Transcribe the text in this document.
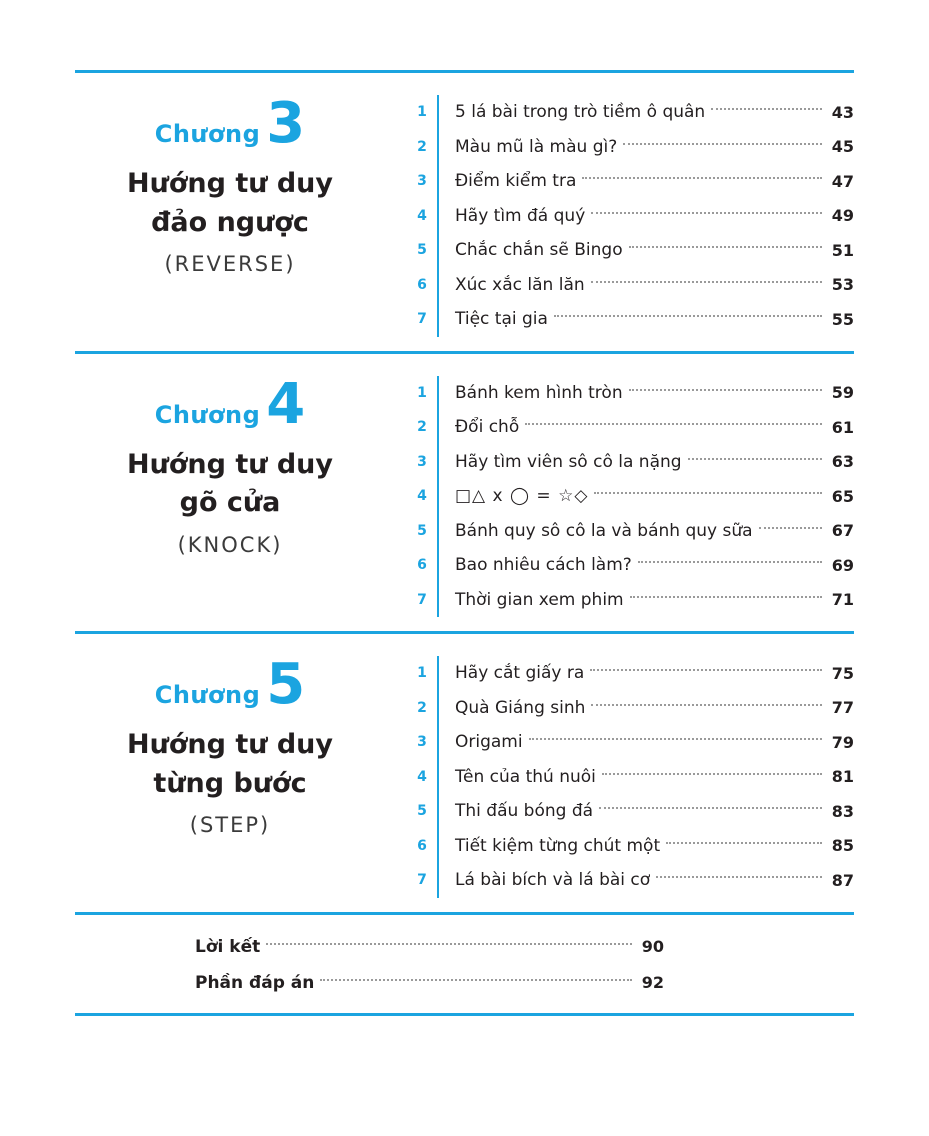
Chương 3
Hướng tư duy
đảo ngược
(REVERSE)
1	5 lá bài trong trò tiềm ô quân	43
2	Màu mũ là màu gì?	45
3	Điểm kiểm tra	47
4	Hãy tìm đá quý	49
5	Chắc chắn sẽ Bingo	51
6	Xúc xắc lăn lăn	53
7	Tiệc tại gia	55
Chương 4
Hướng tư duy
gõ cửa
(KNOCK)
1	Bánh kem hình tròn	59
2	Đổi chỗ	61
3	Hãy tìm viên sô cô la nặng	63
4	□△ x ◯ = ☆◇	65
5	Bánh quy sô cô la và bánh quy sữa	67
6	Bao nhiêu cách làm?	69
7	Thời gian xem phim	71
Chương 5
Hướng tư duy
từng bước
(STEP)
1	Hãy cắt giấy ra	75
2	Quà Giáng sinh	77
3	Origami	79
4	Tên của thú nuôi	81
5	Thi đấu bóng đá	83
6	Tiết kiệm từng chút một	85
7	Lá bài bích và lá bài cơ	87
Lời kết	90
Phần đáp án	92
